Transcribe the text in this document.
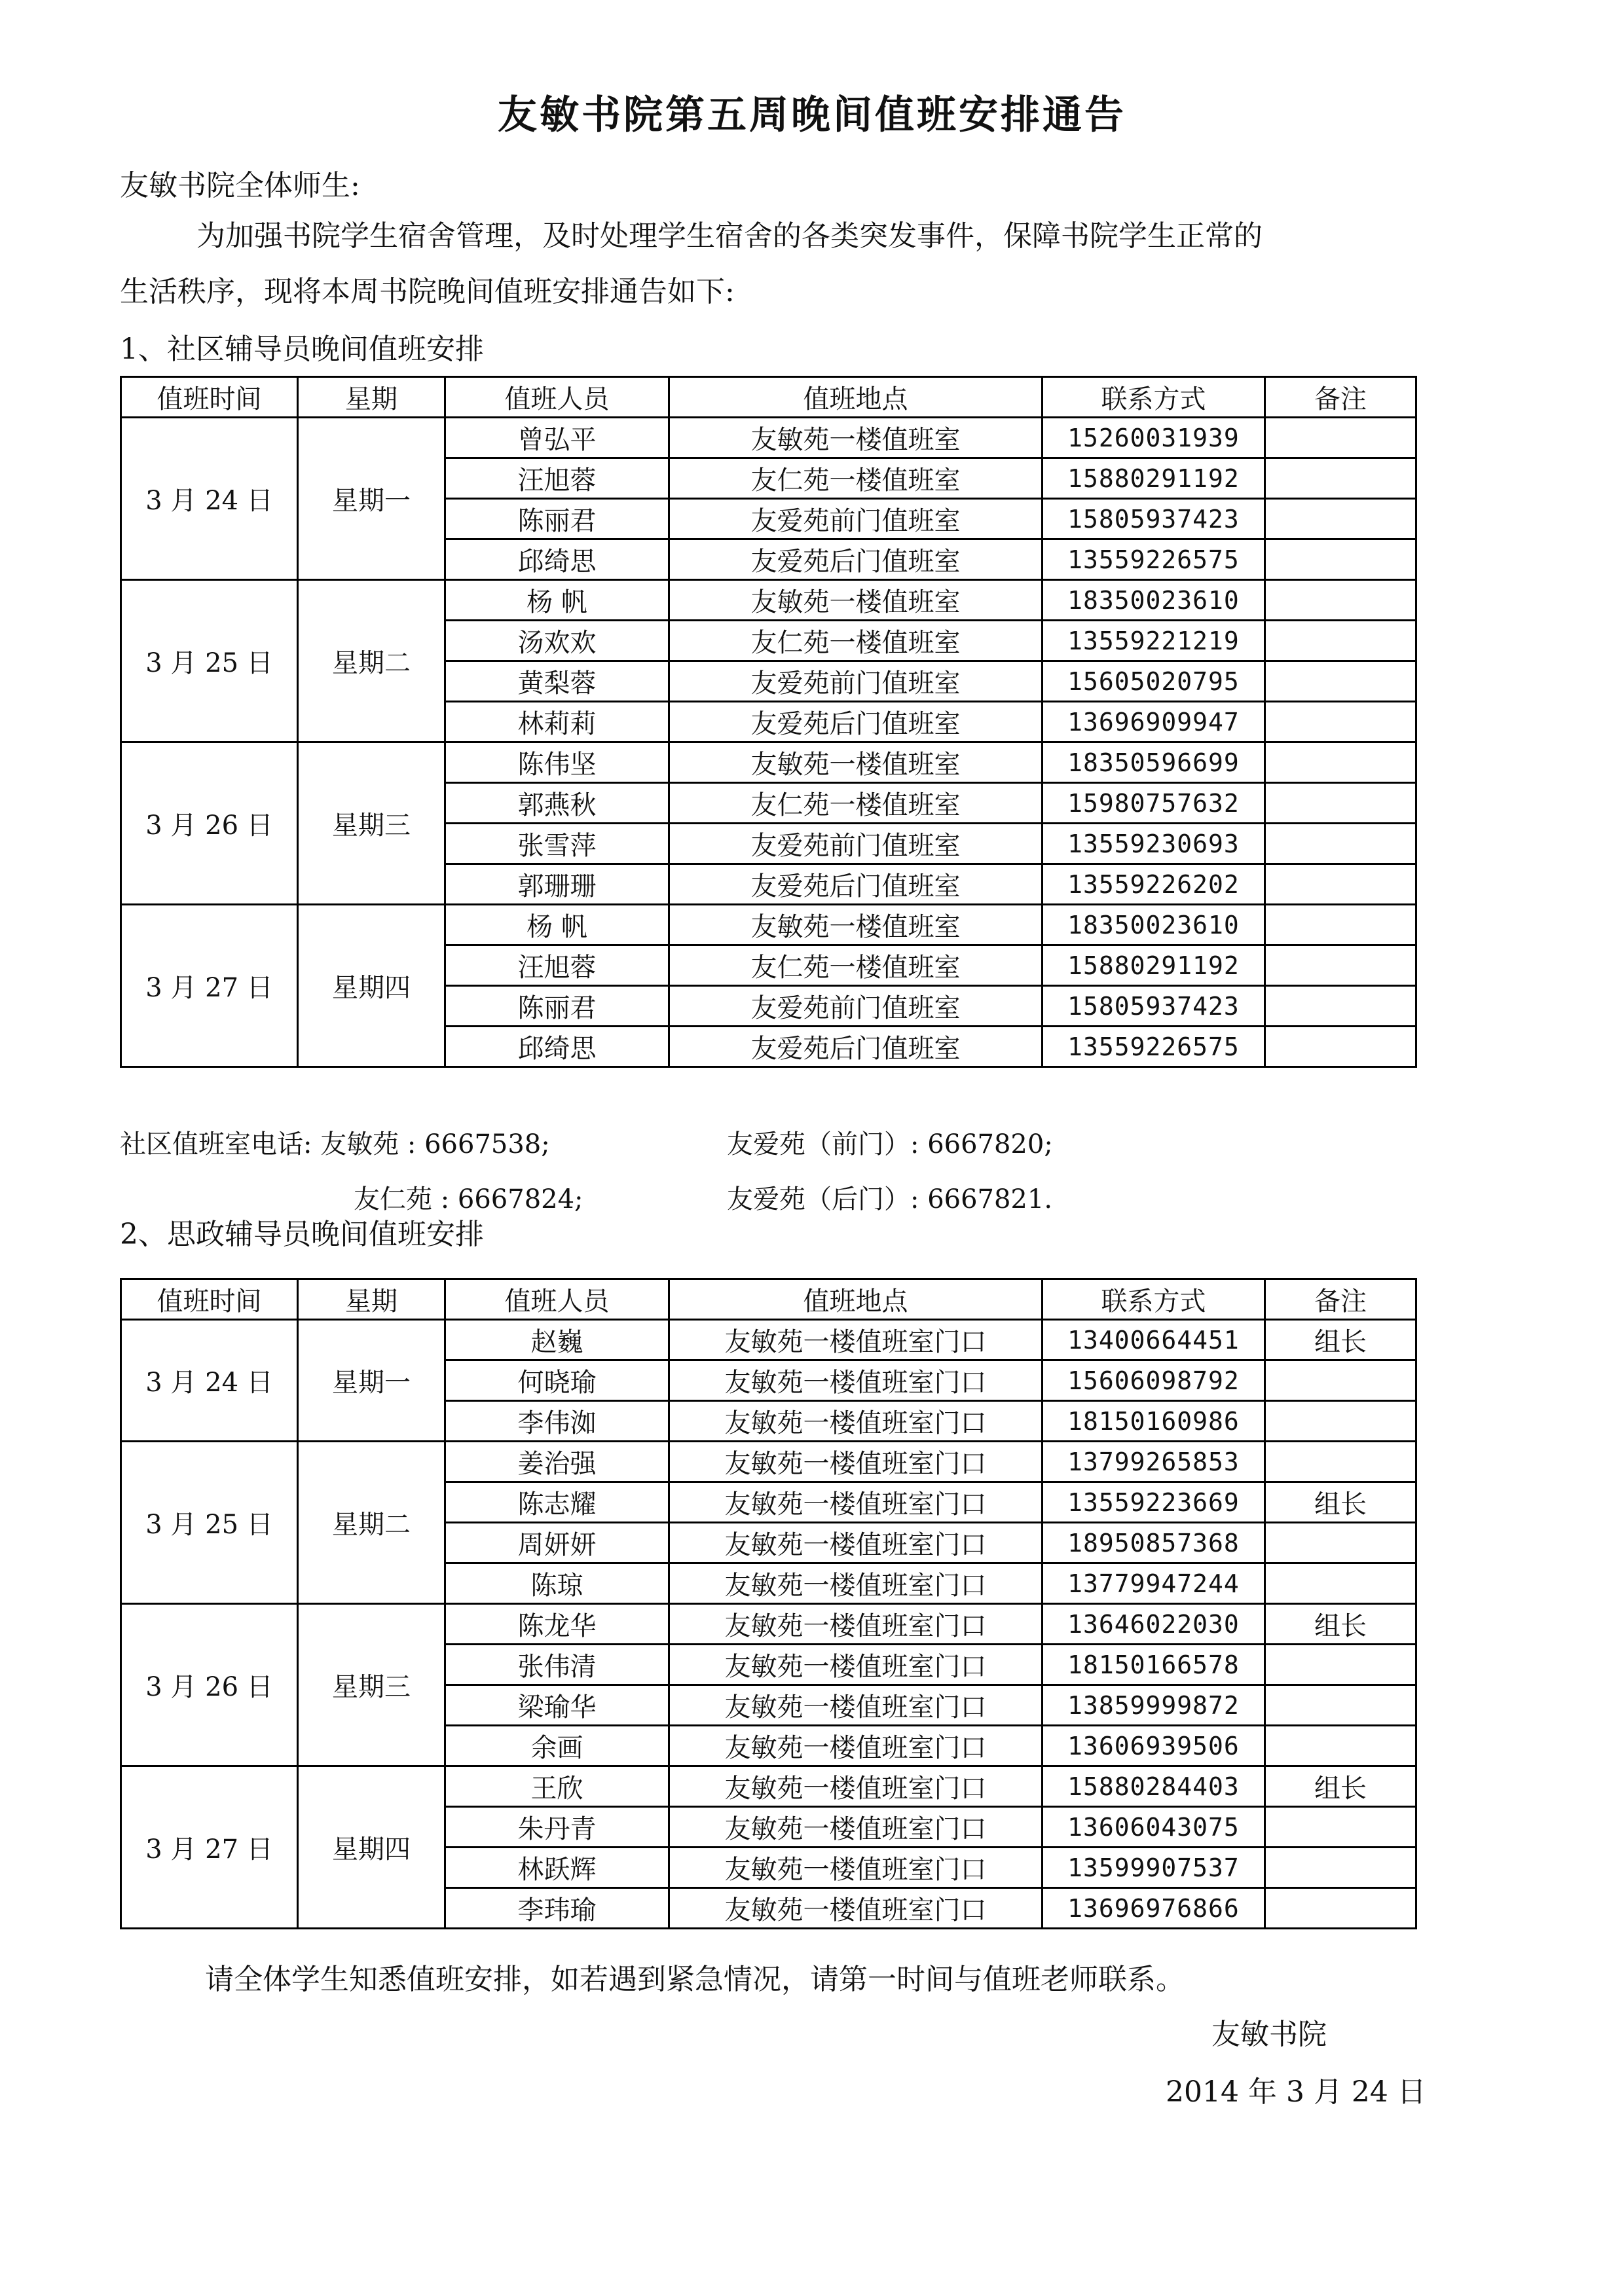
友敏书院第五周晚间值班安排通告
友敏书院全体师生:
为加强书院学生宿舍管理，及时处理学生宿舍的各类突发事件，保障书院学生正常的
生活秩序，现将本周书院晚间值班安排通告如下:
1、社区辅导员晚间值班安排
值班时间	星期	值班人员	值班地点	联系方式	备注
3 月 24 日	星期一	曾弘平	友敏苑一楼值班室	15260031939	
		汪旭蓉	友仁苑一楼值班室	15880291192	
		陈丽君	友爱苑前门值班室	15805937423	
		邱绮思	友爱苑后门值班室	13559226575	
3 月 25 日	星期二	杨 帆	友敏苑一楼值班室	18350023610	
		汤欢欢	友仁苑一楼值班室	13559221219	
		黄梨蓉	友爱苑前门值班室	15605020795	
		林莉莉	友爱苑后门值班室	13696909947	
3 月 26 日	星期三	陈伟坚	友敏苑一楼值班室	18350596699	
		郭燕秋	友仁苑一楼值班室	15980757632	
		张雪萍	友爱苑前门值班室	13559230693	
		郭珊珊	友爱苑后门值班室	13559226202	
3 月 27 日	星期四	杨 帆	友敏苑一楼值班室	18350023610	
		汪旭蓉	友仁苑一楼值班室	15880291192	
		陈丽君	友爱苑前门值班室	15805937423	
		邱绮思	友爱苑后门值班室	13559226575	
社区值班室电话: 友敏苑 : 6667538;	友爱苑（前门）: 6667820;
友仁苑 : 6667824;	友爱苑（后门）: 6667821.
2、思政辅导员晚间值班安排
值班时间	星期	值班人员	值班地点	联系方式	备注
3 月 24 日	星期一	赵巍	友敏苑一楼值班室门口	13400664451	组长
		何晓瑜	友敏苑一楼值班室门口	15606098792	
		李伟洳	友敏苑一楼值班室门口	18150160986	
3 月 25 日	星期二	姜治强	友敏苑一楼值班室门口	13799265853	
		陈志耀	友敏苑一楼值班室门口	13559223669	组长
		周妍妍	友敏苑一楼值班室门口	18950857368	
		陈琼	友敏苑一楼值班室门口	13779947244	
3 月 26 日	星期三	陈龙华	友敏苑一楼值班室门口	13646022030	组长
		张伟清	友敏苑一楼值班室门口	18150166578	
		梁瑜华	友敏苑一楼值班室门口	13859999872	
		余画	友敏苑一楼值班室门口	13606939506	
3 月 27 日	星期四	王欣	友敏苑一楼值班室门口	15880284403	组长
		朱丹青	友敏苑一楼值班室门口	13606043075	
		林跃辉	友敏苑一楼值班室门口	13599907537	
		李玮瑜	友敏苑一楼值班室门口	13696976866	
请全体学生知悉值班安排，如若遇到紧急情况，请第一时间与值班老师联系。
友敏书院
2014 年 3 月 24 日
